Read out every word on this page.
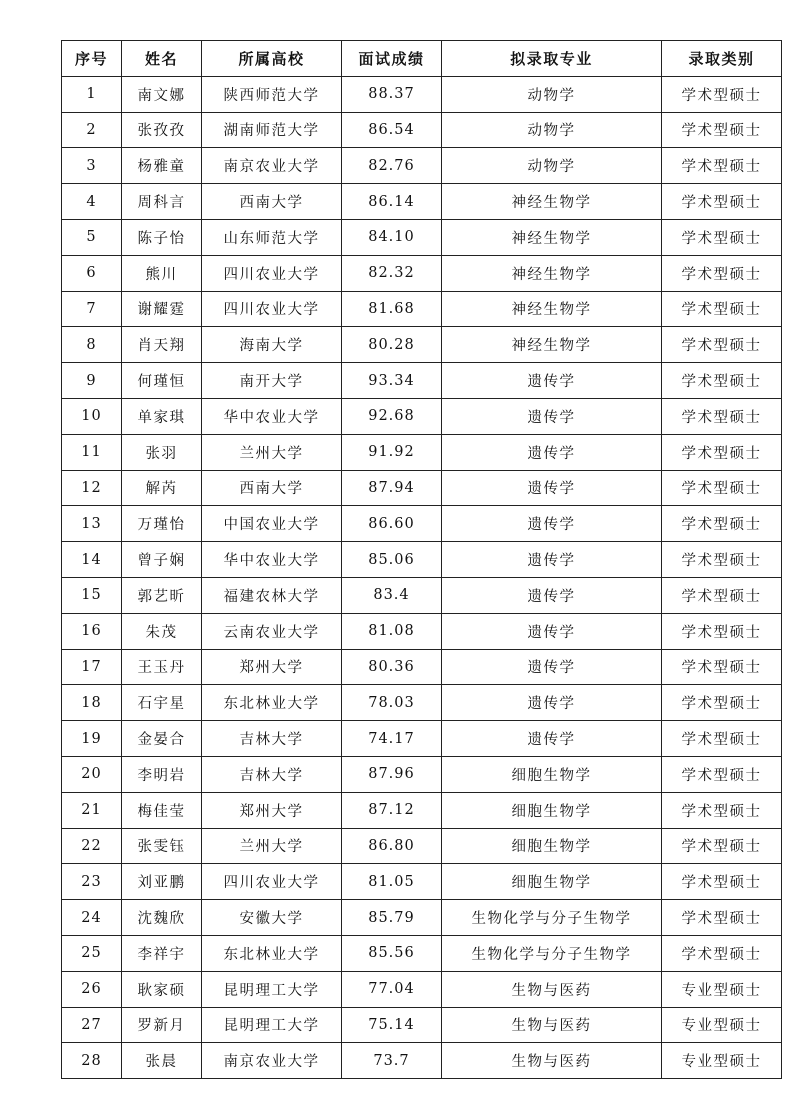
序号	姓名	所属高校	面试成绩	拟录取专业	录取类别
1	南文娜	陕西师范大学	88.37	动物学	学术型硕士
2	张孜孜	湖南师范大学	86.54	动物学	学术型硕士
3	杨雅童	南京农业大学	82.76	动物学	学术型硕士
4	周科言	西南大学	86.14	神经生物学	学术型硕士
5	陈子怡	山东师范大学	84.10	神经生物学	学术型硕士
6	熊川	四川农业大学	82.32	神经生物学	学术型硕士
7	谢耀霆	四川农业大学	81.68	神经生物学	学术型硕士
8	肖天翔	海南大学	80.28	神经生物学	学术型硕士
9	何瑾恒	南开大学	93.34	遗传学	学术型硕士
10	单家琪	华中农业大学	92.68	遗传学	学术型硕士
11	张羽	兰州大学	91.92	遗传学	学术型硕士
12	解芮	西南大学	87.94	遗传学	学术型硕士
13	万瑾怡	中国农业大学	86.60	遗传学	学术型硕士
14	曾子娴	华中农业大学	85.06	遗传学	学术型硕士
15	郭艺昕	福建农林大学	83.4	遗传学	学术型硕士
16	朱茂	云南农业大学	81.08	遗传学	学术型硕士
17	王玉丹	郑州大学	80.36	遗传学	学术型硕士
18	石宇星	东北林业大学	78.03	遗传学	学术型硕士
19	金晏合	吉林大学	74.17	遗传学	学术型硕士
20	李明岩	吉林大学	87.96	细胞生物学	学术型硕士
21	梅佳莹	郑州大学	87.12	细胞生物学	学术型硕士
22	张雯钰	兰州大学	86.80	细胞生物学	学术型硕士
23	刘亚鹏	四川农业大学	81.05	细胞生物学	学术型硕士
24	沈魏欣	安徽大学	85.79	生物化学与分子生物学	学术型硕士
25	李祥宇	东北林业大学	85.56	生物化学与分子生物学	学术型硕士
26	耿家硕	昆明理工大学	77.04	生物与医药	专业型硕士
27	罗新月	昆明理工大学	75.14	生物与医药	专业型硕士
28	张晨	南京农业大学	73.7	生物与医药	专业型硕士
